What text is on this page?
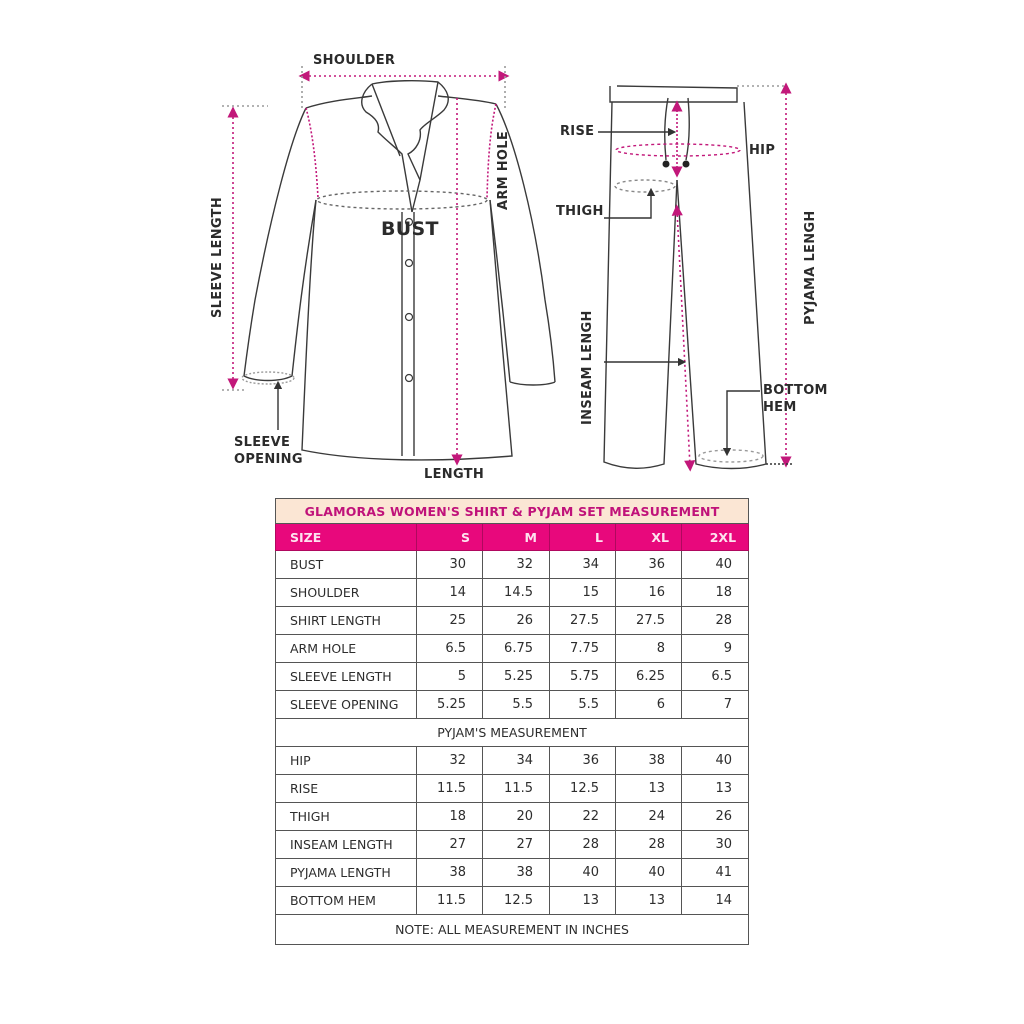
SHOULDER
ARM HOLE
BUST
SLEEVE LENGTH
SLEEVE
OPENING
LENGTH
RISE
HIP
THIGH	PYJAMA LENGH
INSEAM LENGH	BOTTOM
HEM
GLAMORAS WOMEN'S SHIRT & PYJAM SET MEASUREMENT					
SIZE	S	M	L	XL	2XL
BUST	30	32	34	36	40
SHOULDER	14	14.5	15	16	18
SHIRT LENGTH	25	26	27.5	27.5	28
ARM HOLE	6.5	6.75	7.75	8	9
SLEEVE LENGTH	5	5.25	5.75	6.25	6.5
SLEEVE OPENING	5.25	5.5	5.5	6	7
PYJAM'S MEASUREMENT					
HIP	32	34	36	38	40
RISE	11.5	11.5	12.5	13	13
THIGH	18	20	22	24	26
INSEAM LENGTH	27	27	28	28	30
PYJAMA LENGTH	38	38	40	40	41
BOTTOM HEM	11.5	12.5	13	13	14
NOTE: ALL MEASUREMENT IN INCHES					
